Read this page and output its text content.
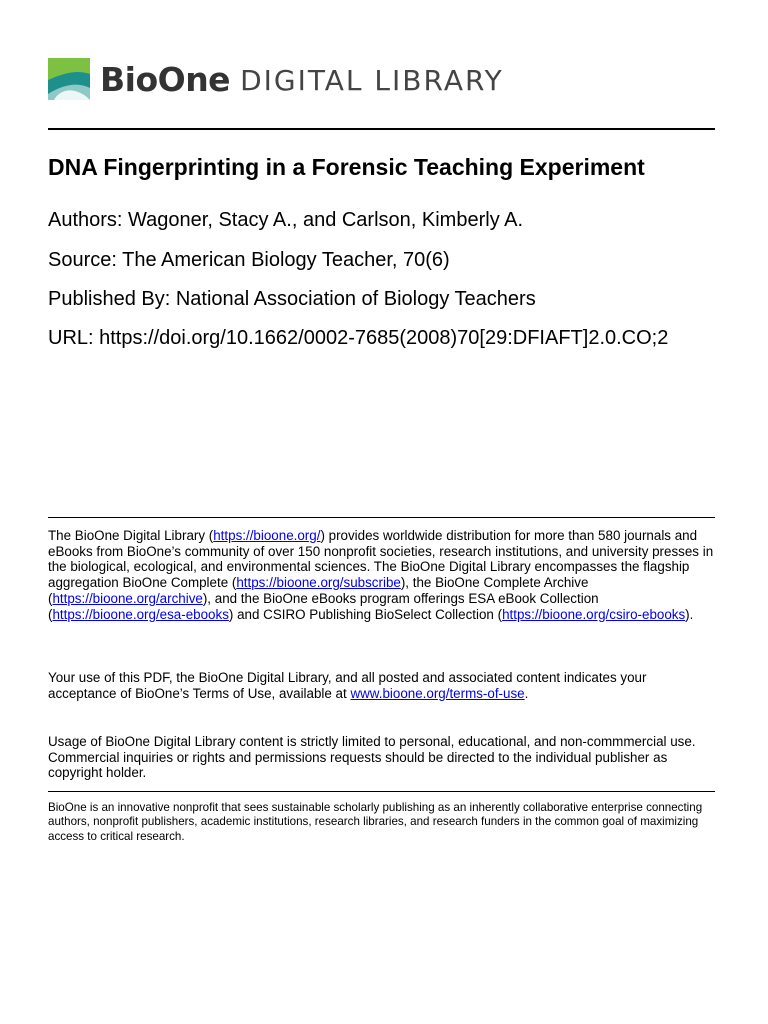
BioOne DIGITAL LIBRARY
DNA Fingerprinting in a Forensic Teaching Experiment

Authors: Wagoner, Stacy A., and Carlson, Kimberly A.

Source: The American Biology Teacher, 70(6)

Published By: National Association of Biology Teachers

URL: https://doi.org/10.1662/0002-7685(2008)70[29:DFIAFT]2.0.CO;2

The BioOne Digital Library (https://bioone.org/) provides worldwide distribution for more than 580 journals and eBooks from BioOne’s community of over 150 nonprofit societies, research institutions, and university presses in the biological, ecological, and environmental sciences. The BioOne Digital Library encompasses the flagship aggregation BioOne Complete (https://bioone.org/subscribe), the BioOne Complete Archive (https://bioone.org/archive), and the BioOne eBooks program offerings ESA eBook Collection (https://bioone.org/esa-ebooks) and CSIRO Publishing BioSelect Collection (https://bioone.org/csiro-ebooks).

Your use of this PDF, the BioOne Digital Library, and all posted and associated content indicates your acceptance of BioOne’s Terms of Use, available at www.bioone.org/terms-of-use.

Usage of BioOne Digital Library content is strictly limited to personal, educational, and non-commmercial use. Commercial inquiries or rights and permissions requests should be directed to the individual publisher as copyright holder.

BioOne is an innovative nonprofit that sees sustainable scholarly publishing as an inherently collaborative enterprise connecting authors, nonprofit publishers, academic institutions, research libraries, and research funders in the common goal of maximizing access to critical research.
